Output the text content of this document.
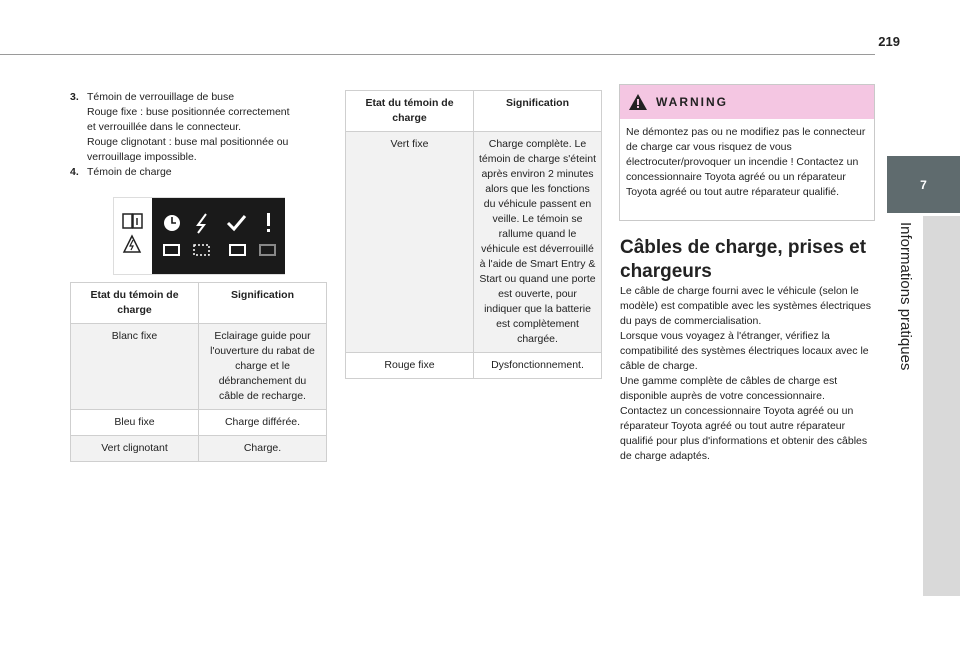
219
7
Informations pratiques
3. Témoin de verrouillage de buse
Rouge fixe : buse positionnée correctement
et verrouillée dans le connecteur.
Rouge clignotant : buse mal positionnée ou
verrouillage impossible.
4. Témoin de charge
Etat du témoin de charge	Signification
Blanc fixe	Eclairage guide pour l'ouverture du rabat de charge et le débranchement du câble de recharge.
Bleu fixe	Charge différée.
Vert clignotant	Charge.
Etat du témoin de charge	Signification
Vert fixe	Charge complète. Le témoin de charge s'éteint après environ 2 minutes alors que les fonctions du véhicule passent en veille. Le témoin se rallume quand le véhicule est déverrouillé à l'aide de Smart Entry & Start ou quand une porte est ouverte, pour indiquer que la batterie est complètement chargée.
Rouge fixe	Dysfonctionnement.
WARNING
Ne démontez pas ou ne modifiez pas le connecteur de charge car vous risquez de vous électrocuter/provoquer un incendie ! Contactez un concessionnaire Toyota agréé ou un réparateur Toyota agréé ou tout autre réparateur qualifié.
Câbles de charge, prises et chargeurs
Le câble de charge fourni avec le véhicule (selon le modèle) est compatible avec les systèmes électriques du pays de commercialisation.
Lorsque vous voyagez à l'étranger, vérifiez la compatibilité des systèmes électriques locaux avec le câble de charge.
Une gamme complète de câbles de charge est disponible auprès de votre concessionnaire.
Contactez un concessionnaire Toyota agréé ou un réparateur Toyota agréé ou tout autre réparateur qualifié pour plus d'informations et obtenir des câbles de charge adaptés.
